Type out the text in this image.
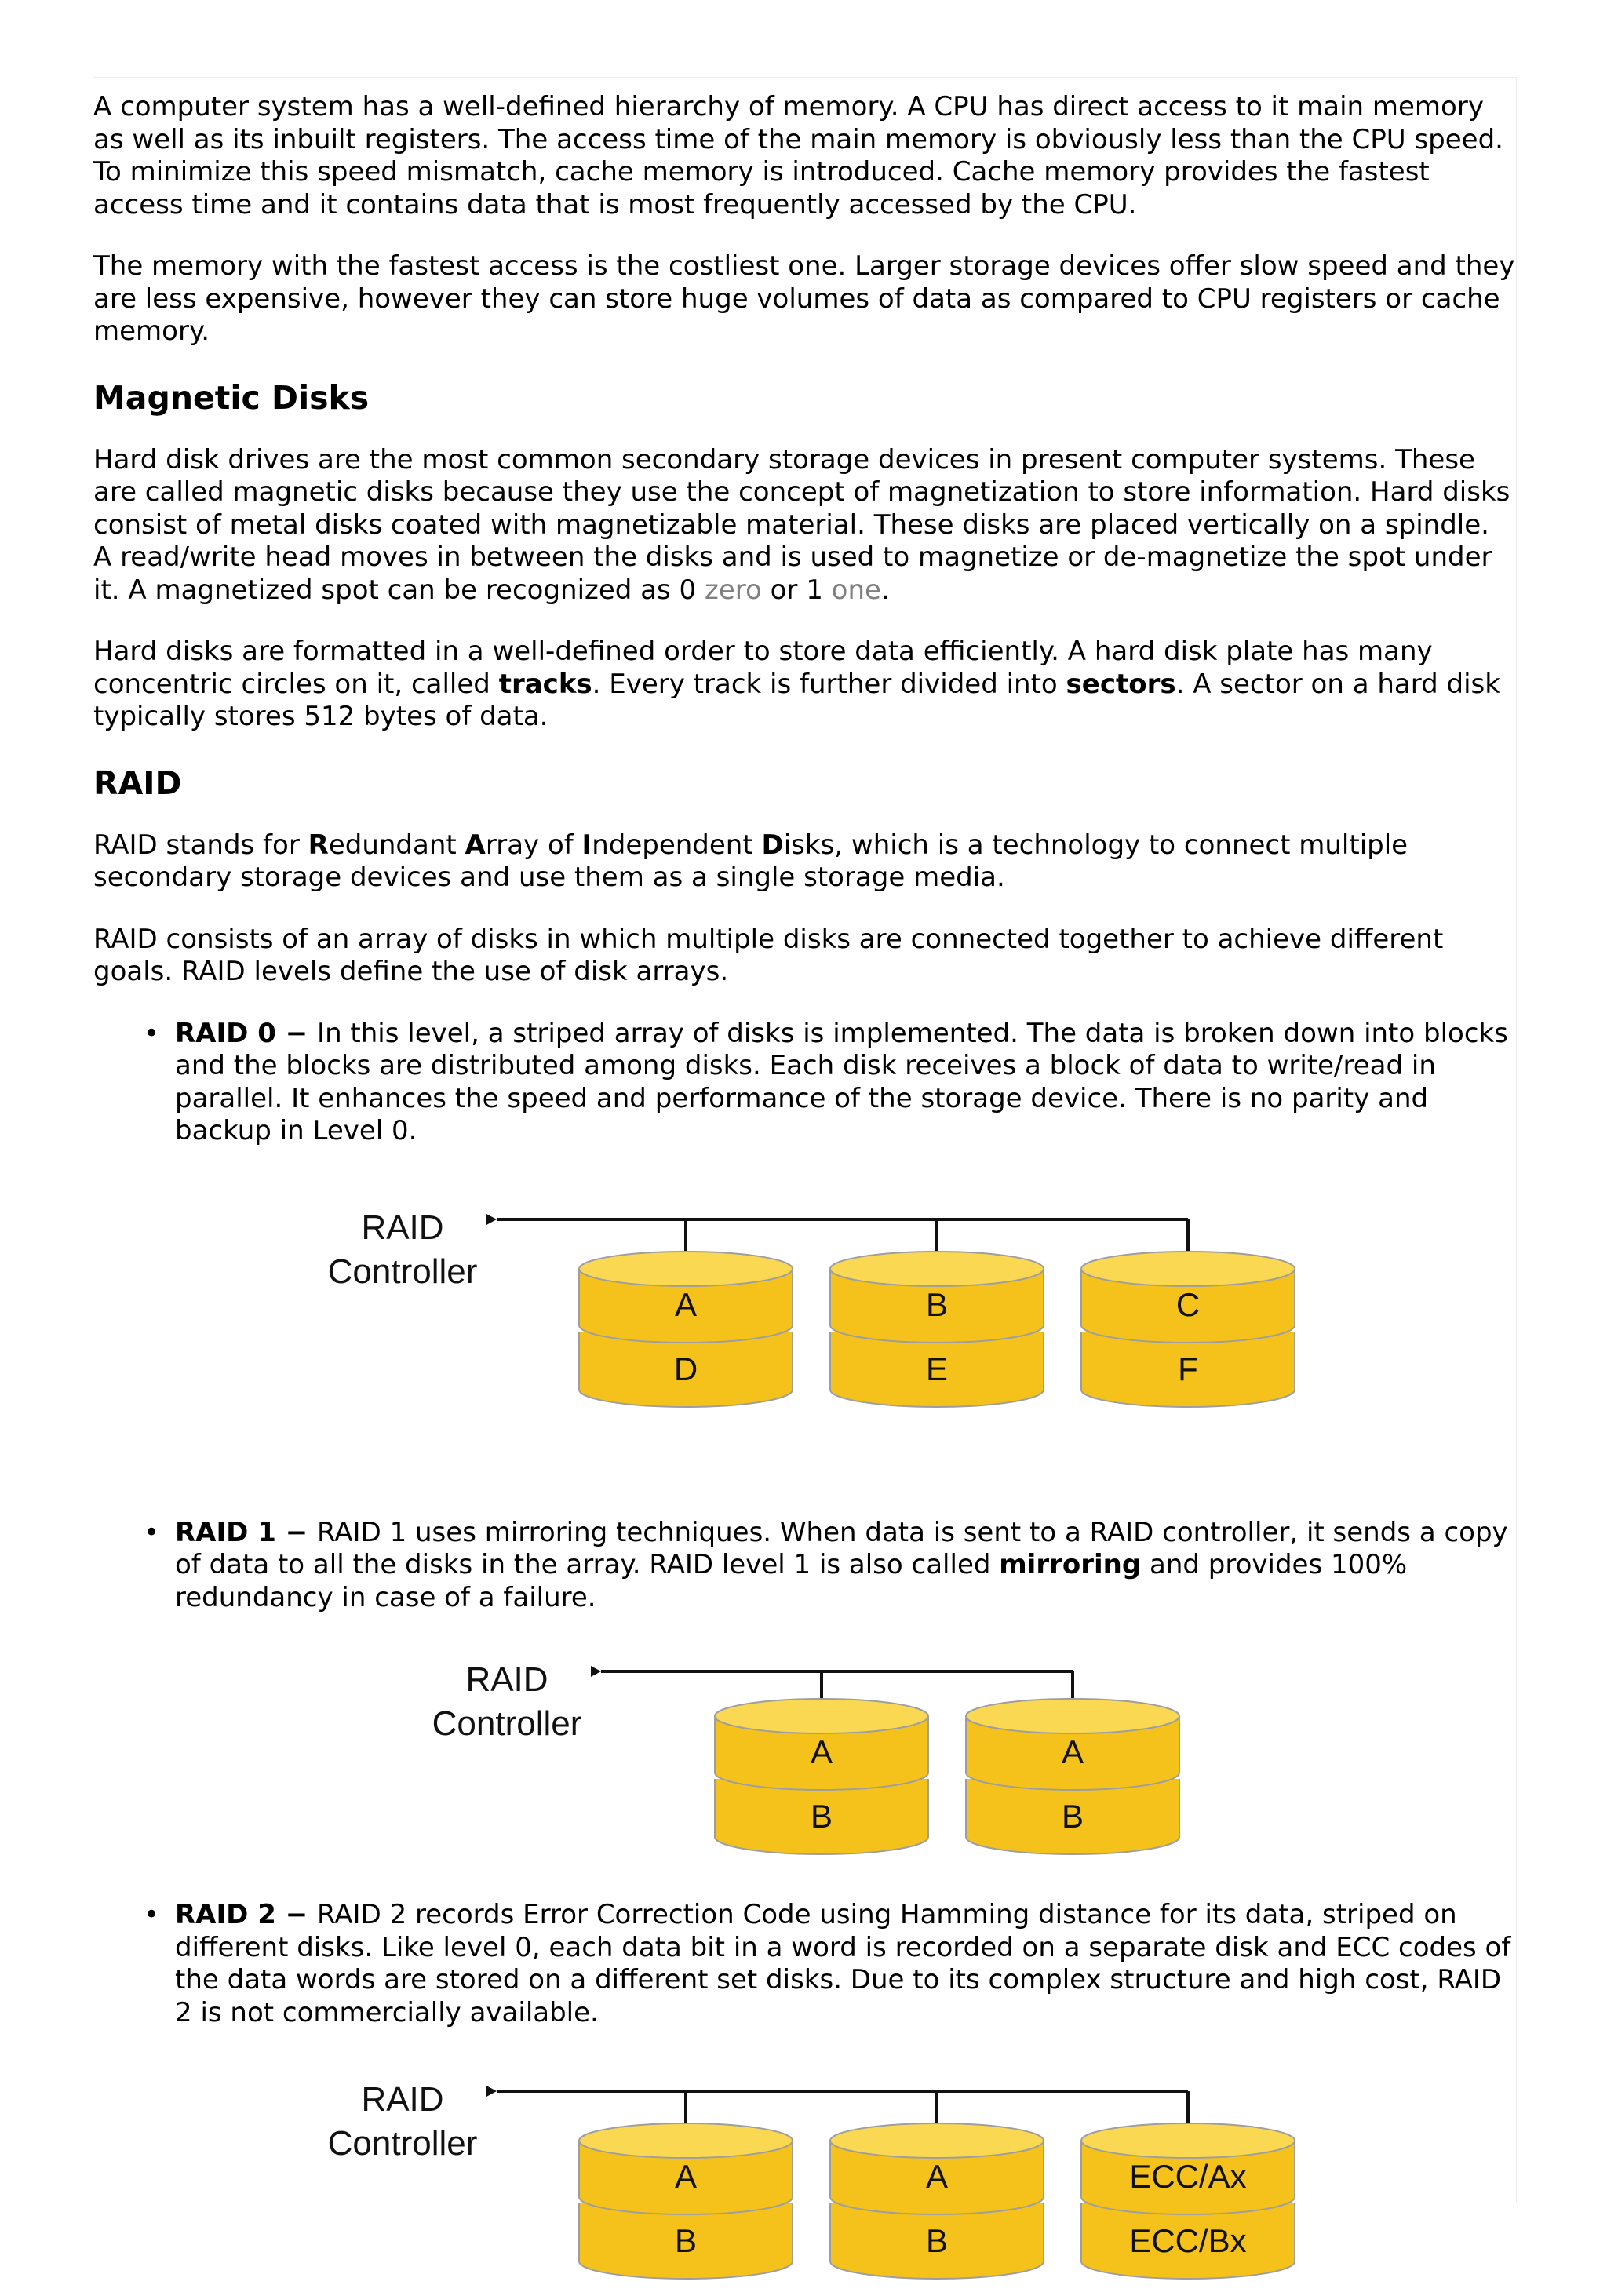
A computer system has a well-defined hierarchy of memory. A CPU has direct access to it main memory as well as its inbuilt registers. The access time of the main memory is obviously less than the CPU speed. To minimize this speed mismatch, cache memory is introduced. Cache memory provides the fastest access time and it contains data that is most frequently accessed by the CPU.

The memory with the fastest access is the costliest one. Larger storage devices offer slow speed and they are less expensive, however they can store huge volumes of data as compared to CPU registers or cache memory.

Magnetic Disks

Hard disk drives are the most common secondary storage devices in present computer systems. These are called magnetic disks because they use the concept of magnetization to store information. Hard disks consist of metal disks coated with magnetizable material. These disks are placed vertically on a spindle. A read/write head moves in between the disks and is used to magnetize or de-magnetize the spot under it. A magnetized spot can be recognized as 0 zero or 1 one.

Hard disks are formatted in a well-defined order to store data efficiently. A hard disk plate has many concentric circles on it, called tracks. Every track is further divided into sectors. A sector on a hard disk typically stores 512 bytes of data.

RAID

RAID stands for Redundant Array of Independent Disks, which is a technology to connect multiple secondary storage devices and use them as a single storage media.

RAID consists of an array of disks in which multiple disks are connected together to achieve different goals. RAID levels define the use of disk arrays.

• RAID 0 − In this level, a striped array of disks is implemented. The data is broken down into blocks and the blocks are distributed among disks. Each disk receives a block of data to write/read in parallel. It enhances the speed and performance of the storage device. There is no parity and backup in Level 0.
RAID
Controller
A
D
B
E
C
F
• RAID 1 − RAID 1 uses mirroring techniques. When data is sent to a RAID controller, it sends a copy of data to all the disks in the array. RAID level 1 is also called mirroring and provides 100% redundancy in case of a failure.
RAID
Controller
A
B
A
B
• RAID 2 − RAID 2 records Error Correction Code using Hamming distance for its data, striped on different disks. Like level 0, each data bit in a word is recorded on a separate disk and ECC codes of the data words are stored on a different set disks. Due to its complex structure and high cost, RAID 2 is not commercially available.
RAID
Controller
A
B
A
B
ECC/Ax
ECC/Bx
